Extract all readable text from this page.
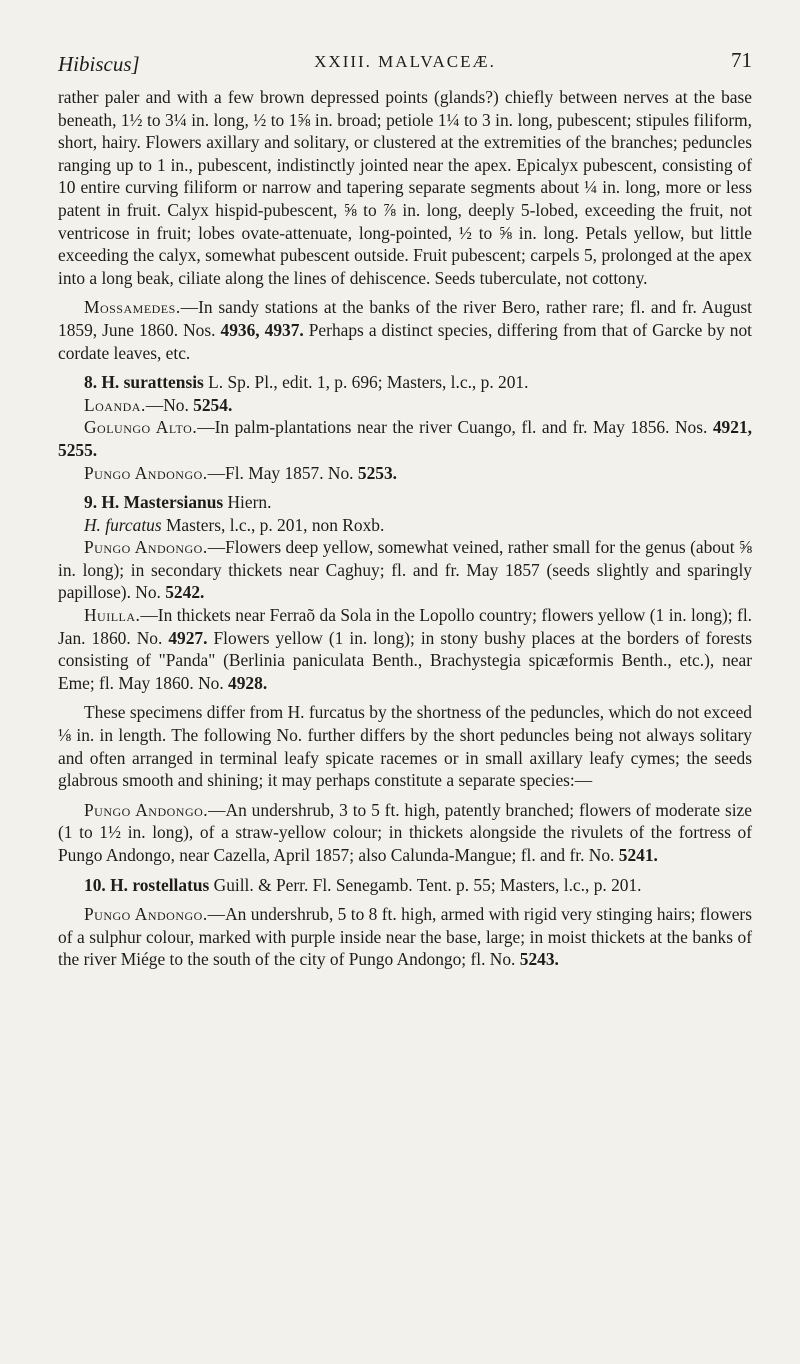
Hibiscus]	XXIII. MALVACEÆ.	71

rather paler and with a few brown depressed points (glands?) chiefly between nerves at the base beneath, 1½ to 3¼ in. long, ½ to 1⅝ in. broad; petiole 1¼ to 3 in. long, pubescent; stipules filiform, short, hairy. Flowers axillary and solitary, or clustered at the extremities of the branches; peduncles ranging up to 1 in., pubescent, indistinctly jointed near the apex. Epicalyx pubescent, consisting of 10 entire curving filiform or narrow and tapering separate segments about ¼ in. long, more or less patent in fruit. Calyx hispid-pubescent, ⅝ to ⅞ in. long, deeply 5-lobed, exceeding the fruit, not ventricose in fruit; lobes ovate-attenuate, long-pointed, ½ to ⅝ in. long. Petals yellow, but little exceeding the calyx, somewhat pubescent outside. Fruit pubescent; carpels 5, prolonged at the apex into a long beak, ciliate along the lines of dehiscence. Seeds tuberculate, not cottony.

Mossamedes.—In sandy stations at the banks of the river Bero, rather rare; fl. and fr. August 1859, June 1860. Nos. 4936, 4937. Perhaps a distinct species, differing from that of Garcke by not cordate leaves, etc.

8. H. surattensis L. Sp. Pl., edit. 1, p. 696; Masters, l.c., p. 201.

Loanda.—No. 5254.

Golungo Alto.—In palm-plantations near the river Cuango, fl. and fr. May 1856. Nos. 4921, 5255.

Pungo Andongo.—Fl. May 1857. No. 5253.

9. H. Mastersianus Hiern.

H. furcatus Masters, l.c., p. 201, non Roxb.

Pungo Andongo.—Flowers deep yellow, somewhat veined, rather small for the genus (about ⅝ in. long); in secondary thickets near Caghuy; fl. and fr. May 1857 (seeds slightly and sparingly papillose). No. 5242.

Huilla.—In thickets near Ferraõ da Sola in the Lopollo country; flowers yellow (1 in. long); fl. Jan. 1860. No. 4927. Flowers yellow (1 in. long); in stony bushy places at the borders of forests consisting of "Panda" (Berlinia paniculata Benth., Brachystegia spicæformis Benth., etc.), near Eme; fl. May 1860. No. 4928.

These specimens differ from H. furcatus by the shortness of the peduncles, which do not exceed ⅛ in. in length. The following No. further differs by the short peduncles being not always solitary and often arranged in terminal leafy spicate racemes or in small axillary leafy cymes; the seeds glabrous smooth and shining; it may perhaps constitute a separate species:—

Pungo Andongo.—An undershrub, 3 to 5 ft. high, patently branched; flowers of moderate size (1 to 1½ in. long), of a straw-yellow colour; in thickets alongside the rivulets of the fortress of Pungo Andongo, near Cazella, April 1857; also Calunda-Mangue; fl. and fr. No. 5241.

10. H. rostellatus Guill. & Perr. Fl. Senegamb. Tent. p. 55; Masters, l.c., p. 201.

Pungo Andongo.—An undershrub, 5 to 8 ft. high, armed with rigid very stinging hairs; flowers of a sulphur colour, marked with purple inside near the base, large; in moist thickets at the banks of the river Miége to the south of the city of Pungo Andongo; fl. No. 5243.
